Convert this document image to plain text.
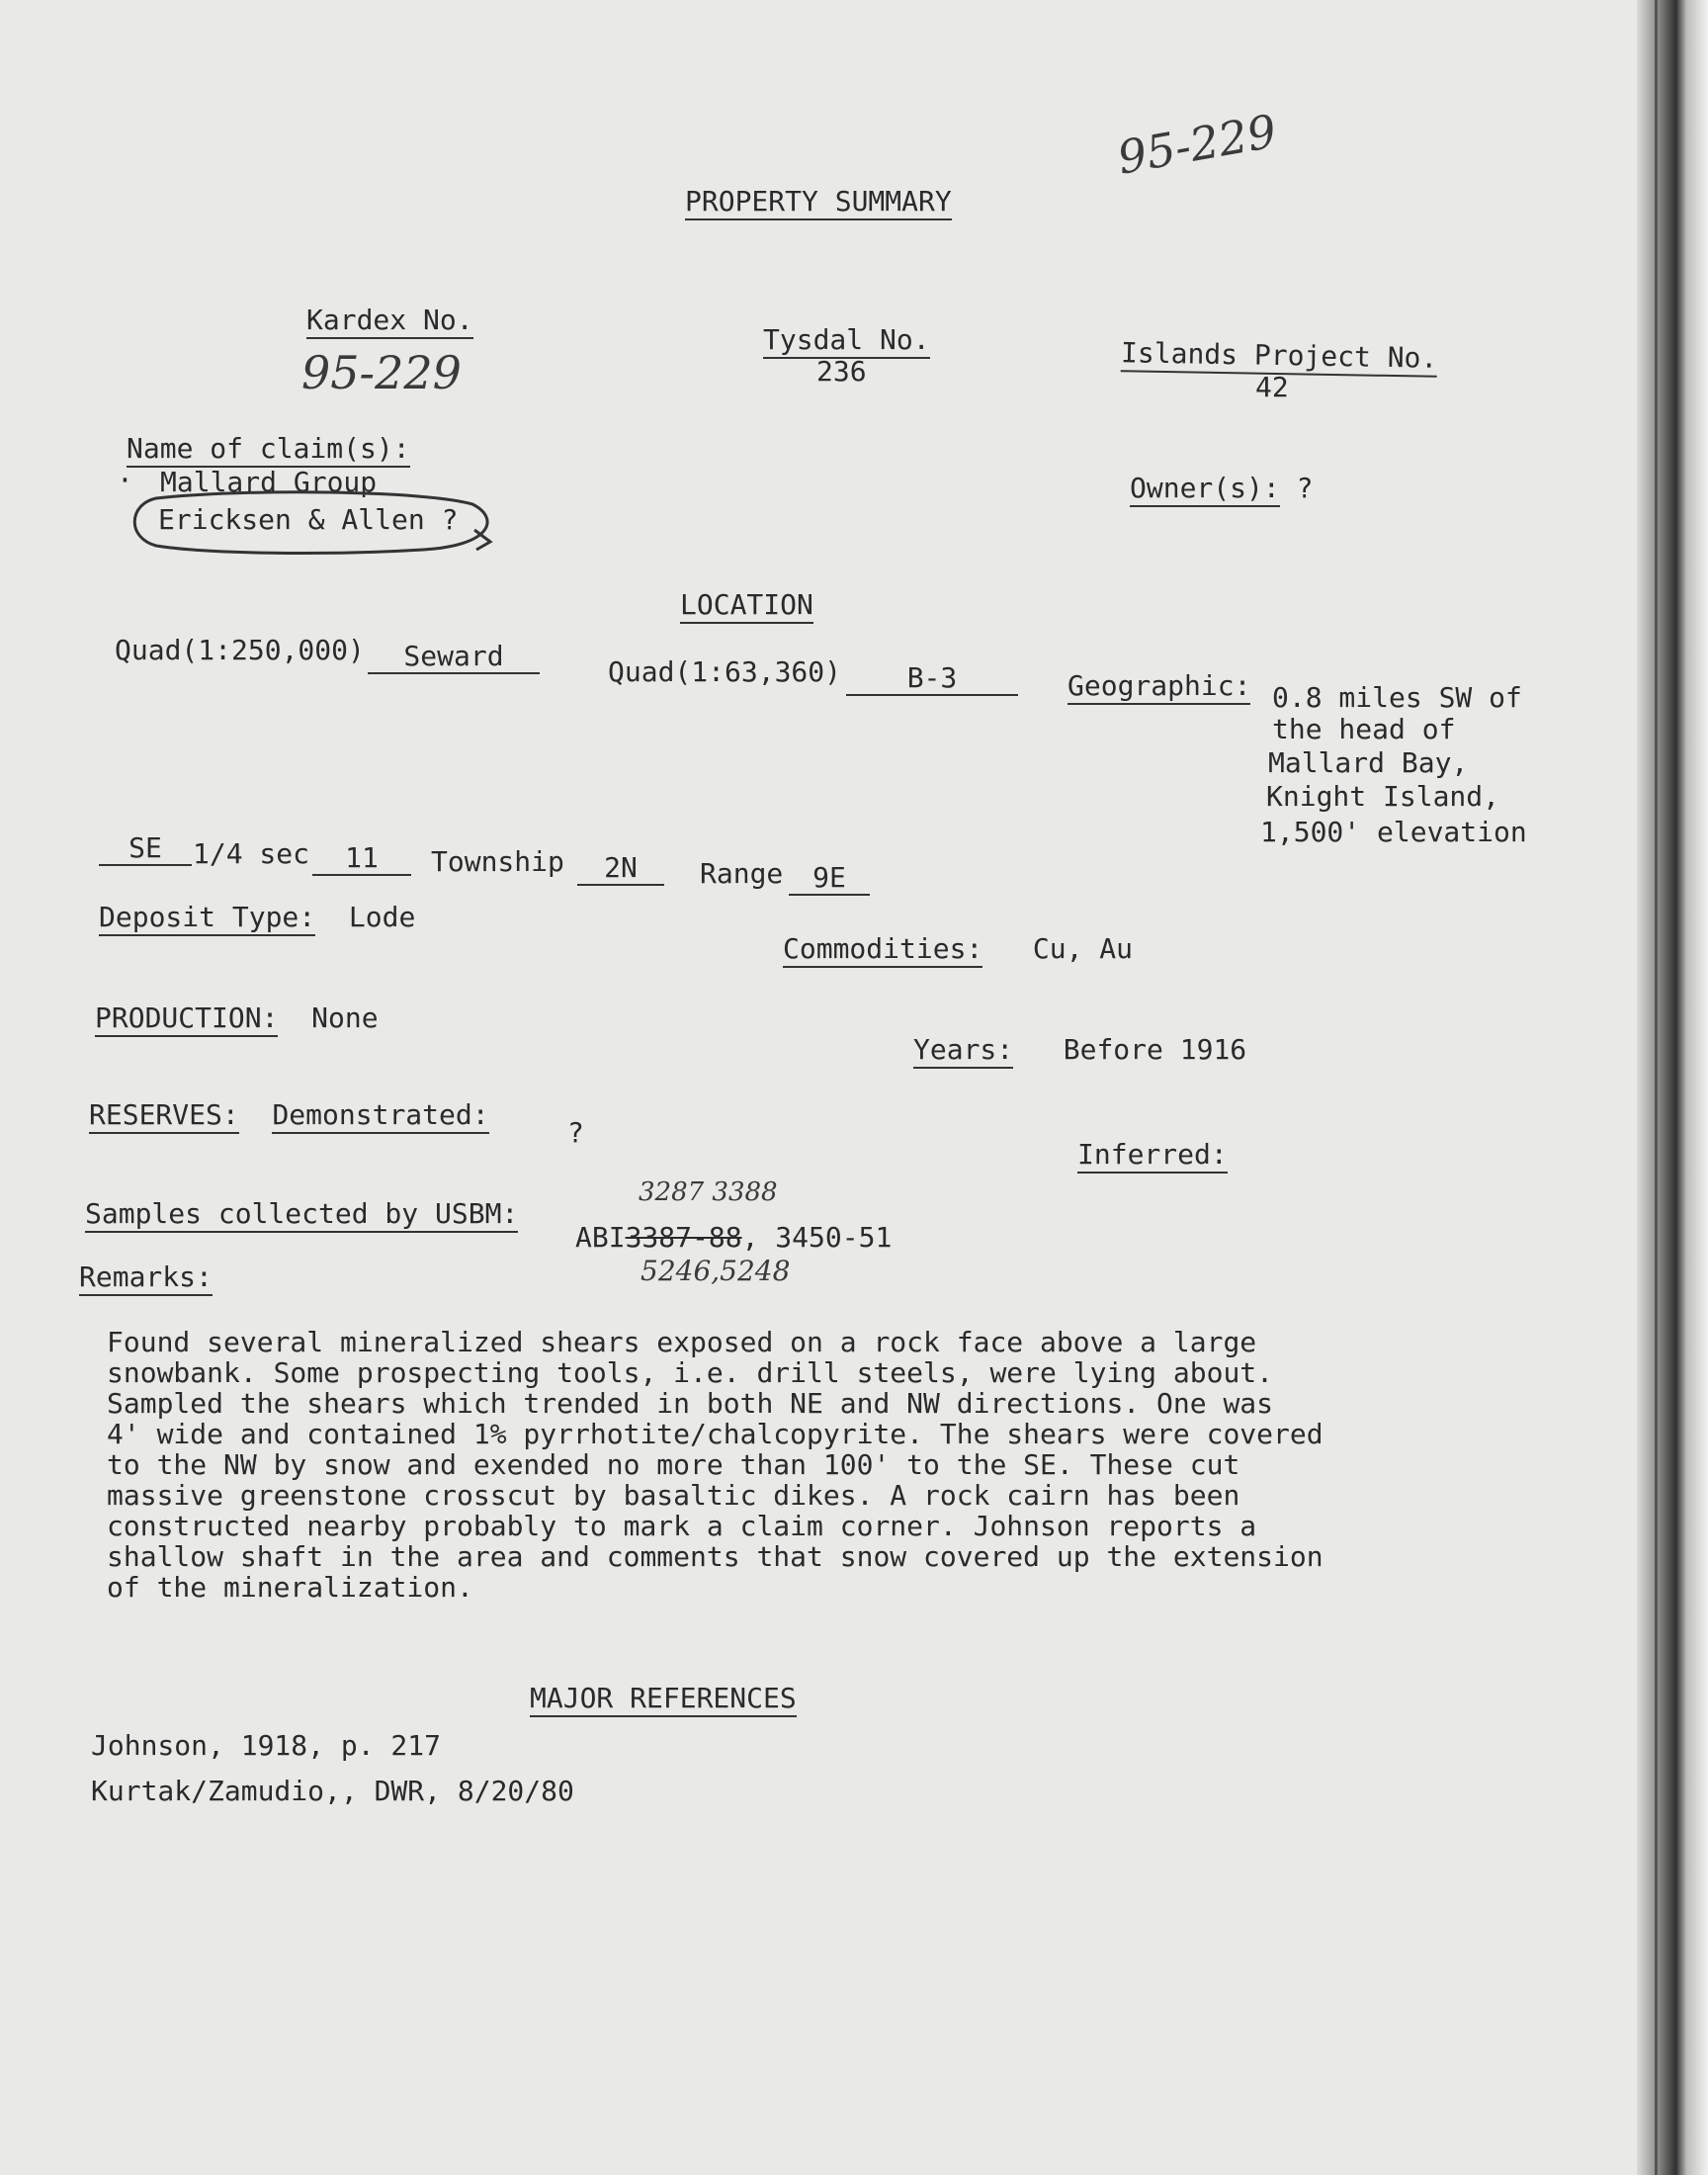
95-229
PROPERTY SUMMARY
Kardex No.
95-229
Tysdal No.
236	Islands Project No.
42
Name of claim(s):
· Mallard Group
Ericksen & Allen ?
Owner(s): ?
LOCATION
Quad(1:250,000)	Seward	Quad(1:63,360)	B-3	Geographic: 0.8 miles SW of
the head of
Mallard Bay,
Knight Island,
1,500' elevation
SE	1/4 sec	11	Township	2N	Range	9E
Deposit Type: Lode
Commodities: Cu, Au
PRODUCTION: None
Years: Before 1916
RESERVES: Demonstrated:
?
Inferred:
3287 3388
Samples collected by USBM:
ABI3387-88, 3450-51
5246,5248
Remarks:
Found several mineralized shears exposed on a rock face above a large
snowbank. Some prospecting tools, i.e. drill steels, were lying about.
Sampled the shears which trended in both NE and NW directions. One was
4' wide and contained 1% pyrrhotite/chalcopyrite. The shears were covered
to the NW by snow and exended no more than 100' to the SE. These cut
massive greenstone crosscut by basaltic dikes. A rock cairn has been
constructed nearby probably to mark a claim corner. Johnson reports a
shallow shaft in the area and comments that snow covered up the extension
of the mineralization.
MAJOR REFERENCES
Johnson, 1918, p. 217
Kurtak/Zamudio,, DWR, 8/20/80
